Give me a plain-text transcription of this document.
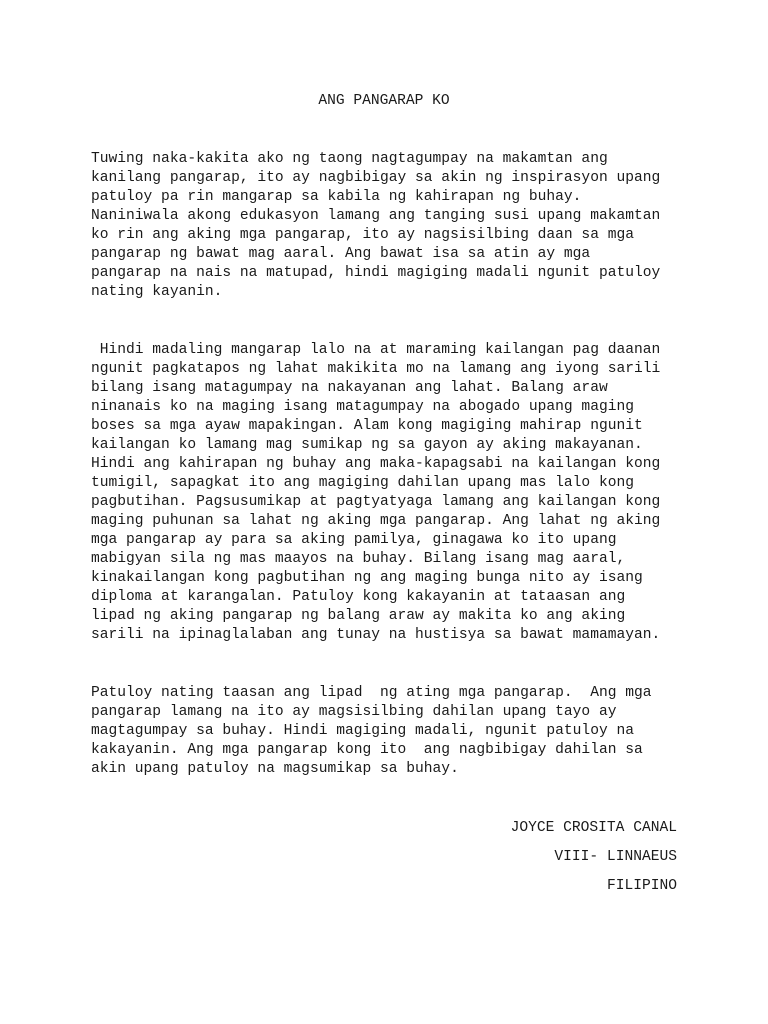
ANG PANGARAP KO
Tuwing naka-kakita ako ng taong nagtagumpay na makamtan ang
kanilang pangarap, ito ay nagbibigay sa akin ng inspirasyon upang
patuloy pa rin mangarap sa kabila ng kahirapan ng buhay.
Naniniwala akong edukasyon lamang ang tanging susi upang makamtan
ko rin ang aking mga pangarap, ito ay nagsisilbing daan sa mga
pangarap ng bawat mag aaral. Ang bawat isa sa atin ay mga
pangarap na nais na matupad, hindi magiging madali ngunit patuloy
nating kayanin.
Hindi madaling mangarap lalo na at maraming kailangan pag daanan
ngunit pagkatapos ng lahat makikita mo na lamang ang iyong sarili
bilang isang matagumpay na nakayanan ang lahat. Balang araw
ninanais ko na maging isang matagumpay na abogado upang maging
boses sa mga ayaw mapakingan. Alam kong magiging mahirap ngunit
kailangan ko lamang mag sumikap ng sa gayon ay aking makayanan.
Hindi ang kahirapan ng buhay ang maka-kapagsabi na kailangan kong
tumigil, sapagkat ito ang magiging dahilan upang mas lalo kong
pagbutihan. Pagsusumikap at pagtyatyaga lamang ang kailangan kong
maging puhunan sa lahat ng aking mga pangarap. Ang lahat ng aking
mga pangarap ay para sa aking pamilya, ginagawa ko ito upang
mabigyan sila ng mas maayos na buhay. Bilang isang mag aaral,
kinakailangan kong pagbutihan ng ang maging bunga nito ay isang
diploma at karangalan. Patuloy kong kakayanin at tataasan ang
lipad ng aking pangarap ng balang araw ay makita ko ang aking
sarili na ipinaglalaban ang tunay na hustisya sa bawat mamamayan.
Patuloy nating taasan ang lipad  ng ating mga pangarap.  Ang mga
pangarap lamang na ito ay magsisilbing dahilan upang tayo ay
magtagumpay sa buhay. Hindi magiging madali, ngunit patuloy na
kakayanin. Ang mga pangarap kong ito  ang nagbibigay dahilan sa
akin upang patuloy na magsumikap sa buhay.
JOYCE CROSITA CANAL
VIII- LINNAEUS
FILIPINO
